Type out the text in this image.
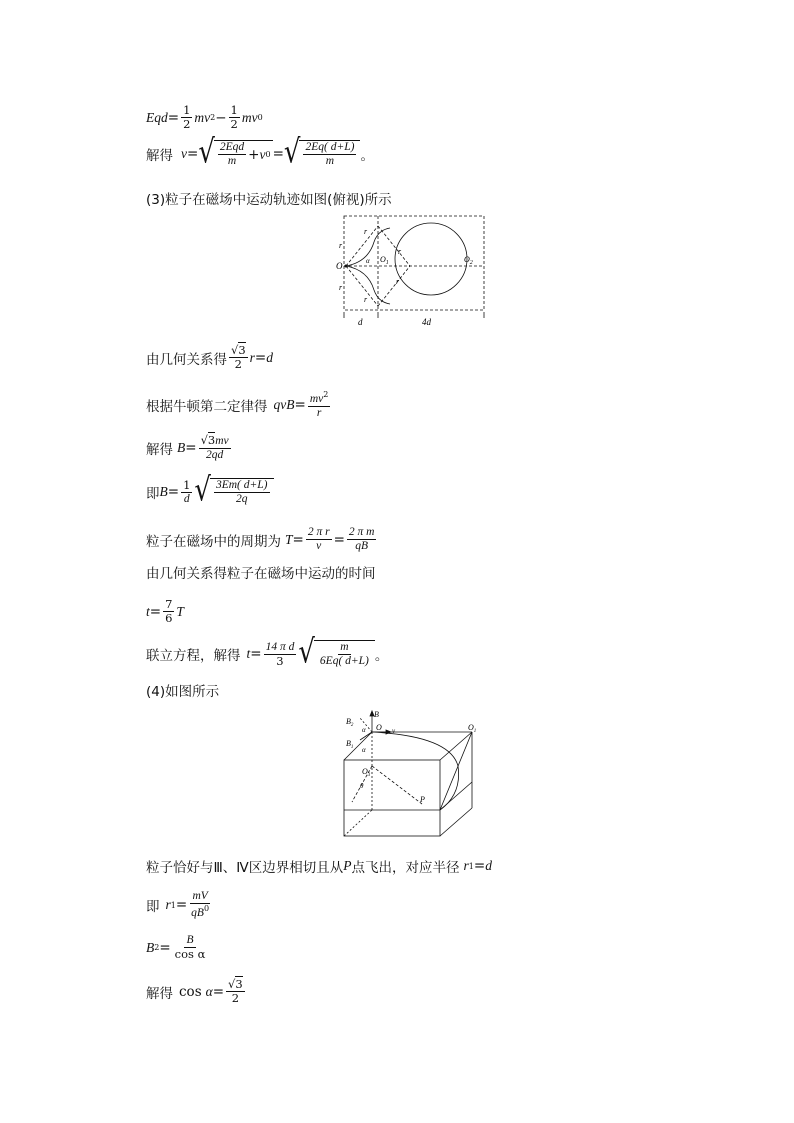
Eqd = $\frac{1}{2}$ mv $2 - \frac{1}{2}$ mv 0
解得 v = √ $\frac{\text{2Eqd}}{m} + v$ 0 = √ $\frac{2Eq( d+L)}{m}$ 。
(3)粒子在磁场中运动轨迹如图(俯视)所示
O
r
r
r
r
r
r
$O_1$
α	$O_2$
d	4d
由几何关系得 $\frac{√3}{2}$ r = d
根据牛顿第二定律得 qvB = $\frac{mv^2}{r}$
解得 $B = \frac{√3mv}{2qd}$
即 $B = \frac{1}{d}$ √ $\frac{3Em( d+L)}{2q}$
粒子在磁场中的周期为 $T = \frac{\text{2 π r}}{v} = \frac{\text{2 π m}}{qB}$
由几何关系得粒子在磁场中运动的时间
$t = \frac{7}{6}$ T
联立方程，解得 $t = \frac{\text{14 π d}}{3}$ √ $\frac{m}{6Eq( d+L)}$ 。
(4)如图所示
B
$B_2$
$B_1$
α
α
O v	$O_1$
$O_3$
θ
P
粒子恰好与Ⅲ、Ⅳ区边界相切且从 P 点飞出，对应半径 r 1 = d
即 r $1 = \frac{mV}{qB^0}$
B $2 = \frac{B}{\text{cos α}}$
解得 $\cos \alpha = \frac{√3}{2}$
